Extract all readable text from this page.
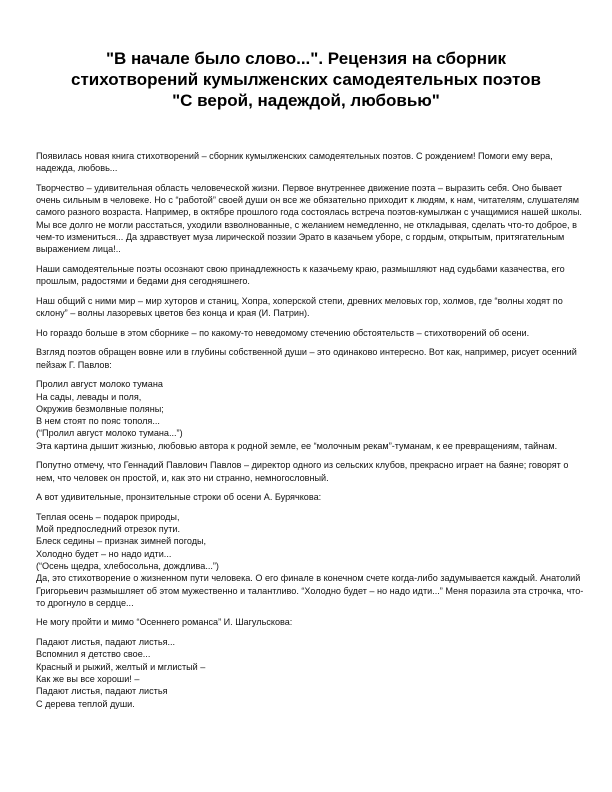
"В начале было слово...". Рецензия на сборник стихотворений кумылженских самодеятельных поэтов "С верой, надеждой, любовью"

Появилась новая книга стихотворений – сборник кумылженских самодеятельных поэтов. С рождением! Помоги ему вера, надежда, любовь...

Творчество – удивительная область человеческой жизни. Первое внутреннее движение поэта – выразить себя. Оно бывает очень сильным в человеке. Но с “работой” своей души он все же обязательно приходит к людям, к нам, читателям, слушателям самого разного возраста. Например, в октябре прошлого года состоялась встреча поэтов-кумылжан с учащимися нашей школы. Мы все долго не могли расстаться, уходили взволнованные, с желанием немедленно, не откладывая, сделать что-то доброе, в чем-то измениться... Да здравствует муза лирической поэзии Эрато в казачьем уборе, с гордым, открытым, притягательным выражением лица!..

Наши самодеятельные поэты осознают свою принадлежность к казачьему краю, размышляют над судьбами казачества, его прошлым, радостями и бедами дня сегодняшнего.

Наш общий с ними мир – мир хуторов и станиц, Хопра, хоперской степи, древних меловых гор, холмов, где “волны ходят по склону” – волны лазоревых цветов без конца и края (И. Патрин).

Но гораздо больше в этом сборнике – по какому-то неведомому стечению обстоятельств – стихотворений об осени.

Взгляд поэтов обращен вовне или в глубины собственной души – это одинаково интересно. Вот как, например, рисует осенний пейзаж Г. Павлов:

Пролил август молоко тумана
На сады, левады и поля,
Окружив безмолвные поляны;
В нем стоят по пояс тополя...
(“Пролил август молоко тумана...”)
Эта картина дышит жизнью, любовью автора к родной земле, ее “молочным рекам”-туманам, к ее превращениям, тайнам.

Попутно отмечу, что Геннадий Павлович Павлов – директор одного из сельских клубов, прекрасно играет на баяне; говорят о нем, что человек он простой, и, как это ни странно, немногословный.

А вот удивительные, пронзительные строки об осени А. Бурячкова:

Теплая осень – подарок природы,
Мой предпоследний отрезок пути.
Блеск седины – признак зимней погоды,
Холодно будет – но надо идти...
(“Осень щедра, хлебосольна, дождлива...”)
Да, это стихотворение о жизненном пути человека. О его финале в конечном счете когда-либо задумывается каждый. Анатолий Григорьевич размышляет об этом мужественно и талантливо. “Холодно будет – но надо идти...” Меня поразила эта строчка, что-то дрогнуло в сердце...

Не могу пройти и мимо “Осеннего романса” И. Шагульскова:

Падают листья, падают листья...
Вспомнил я детство свое...
Красный и рыжий, желтый и мглистый –
Как же вы все хороши! –
Падают листья, падают листья
С дерева теплой души.
